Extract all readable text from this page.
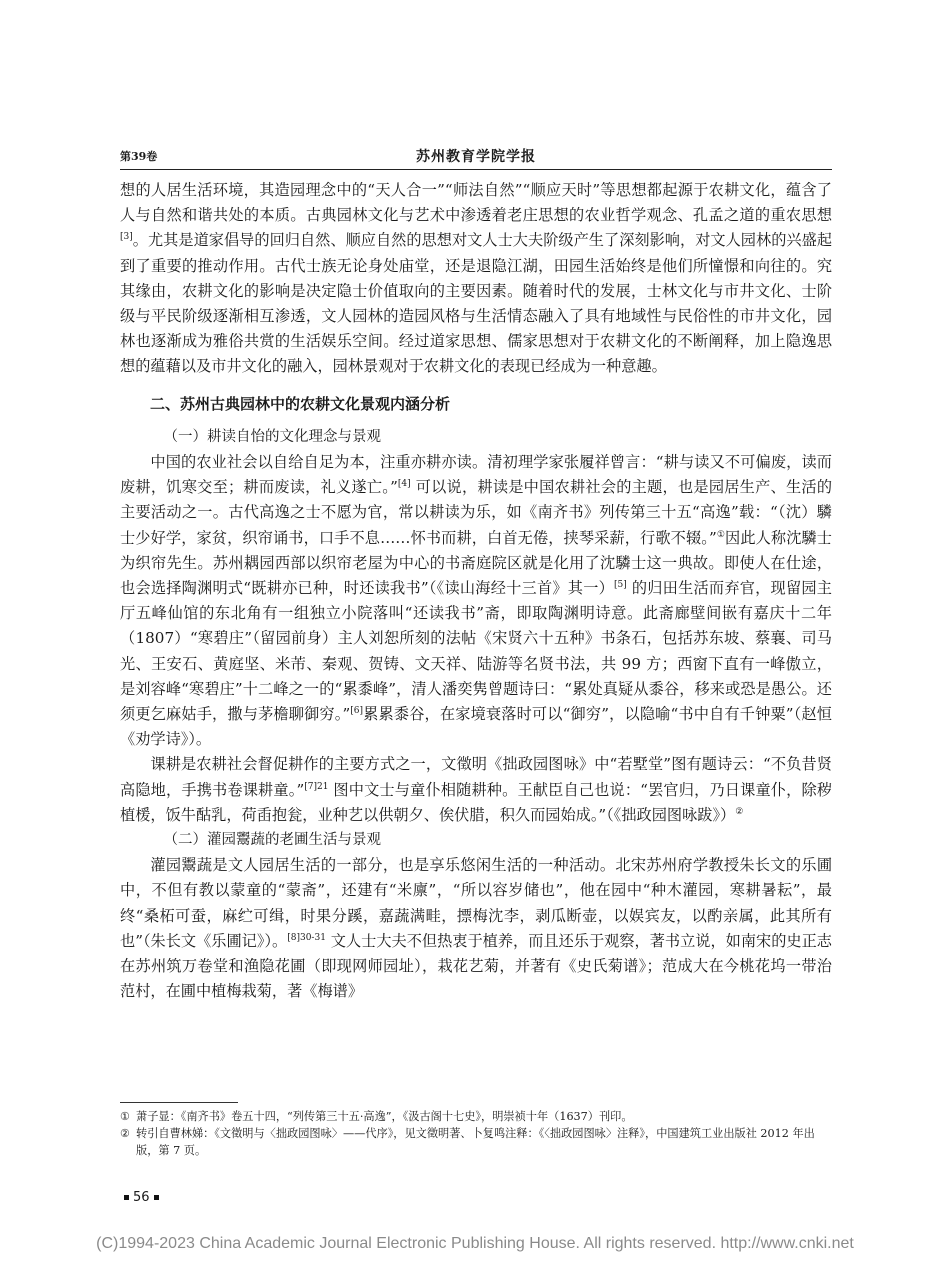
第39卷	苏州教育学院学报

想的人居生活环境，其造园理念中的“天人合一”“师法自然”“顺应天时”等思想都起源于农耕文化，蕴含了人与自然和谐共处的本质。古典园林文化与艺术中渗透着老庄思想的农业哲学观念、孔孟之道的重农思想[3]。尤其是道家倡导的回归自然、顺应自然的思想对文人士大夫阶级产生了深刻影响，对文人园林的兴盛起到了重要的推动作用。古代士族无论身处庙堂，还是退隐江湖，田园生活始终是他们所憧憬和向往的。究其缘由，农耕文化的影响是决定隐士价值取向的主要因素。随着时代的发展，士林文化与市井文化、士阶级与平民阶级逐渐相互渗透，文人园林的造园风格与生活情态融入了具有地域性与民俗性的市井文化，园林也逐渐成为雅俗共赏的生活娱乐空间。经过道家思想、儒家思想对于农耕文化的不断阐释，加上隐逸思想的蕴藉以及市井文化的融入，园林景观对于农耕文化的表现已经成为一种意趣。

二、苏州古典园林中的农耕文化景观内涵分析

（一）耕读自怡的文化理念与景观

中国的农业社会以自给自足为本，注重亦耕亦读。清初理学家张履祥曾言：“耕与读又不可偏废，读而废耕，饥寒交至；耕而废读，礼义遂亡。”[4] 可以说，耕读是中国农耕社会的主题，也是园居生产、生活的主要活动之一。古代高逸之士不愿为官，常以耕读为乐，如《南齐书》列传第三十五“高逸”载：“（沈）驎士少好学，家贫，织帘诵书，口手不息……怀书而耕，白首无倦，挟琴采薪，行歌不辍。”①因此人称沈驎士为织帘先生。苏州耦园西部以织帘老屋为中心的书斋庭院区就是化用了沈驎士这一典故。即使人在仕途，也会选择陶渊明式“既耕亦已种，时还读我书”（《读山海经十三首》其一）[5] 的归田生活而弃官，现留园主厅五峰仙馆的东北角有一组独立小院落叫“还读我书”斋，即取陶渊明诗意。此斋廊壁间嵌有嘉庆十二年（1807）“寒碧庄”（留园前身）主人刘恕所刻的法帖《宋贤六十五种》书条石，包括苏东坡、蔡襄、司马光、王安石、黄庭坚、米芾、秦观、贺铸、文天祥、陆游等名贤书法，共 99 方；西窗下直有一峰傲立，是刘容峰“寒碧庄”十二峰之一的“累黍峰”，清人潘奕隽曾题诗曰：“累处真疑从黍谷，移来或恐是愚公。还须更乞麻姑手，撒与茅檐聊御穷。”[6]累累黍谷，在家境衰落时可以“御穷”，以隐喻“书中自有千钟粟”（赵恒《劝学诗》）。

课耕是农耕社会督促耕作的主要方式之一，文徵明《拙政园图咏》中“若墅堂”图有题诗云：“不负昔贤高隐地，手携书卷课耕童。”$^{[7]21}$ 图中文士与童仆相随耕种。王献臣自己也说：“罢官归，乃日课童仆，除秽植楥，饭牛酤乳，荷臿抱瓮，业种艺以供朝夕、俟伏腊，积久而园始成。”（《拙政园图咏跋》）②

（二）灌园鬻蔬的老圃生活与景观

灌园鬻蔬是文人园居生活的一部分，也是享乐悠闲生活的一种活动。北宋苏州府学教授朱长文的乐圃中，不但有教以蒙童的“蒙斋”，还建有“米廪”，“所以容岁储也”，他在园中“种木灌园，寒耕暑耘”，最终“桑柘可蚕，麻纻可缉，时果分蹊，嘉蔬满畦，摽梅沈李，剥瓜断壶，以娱宾友，以酌亲属，此其所有也”（朱长文《乐圃记》）。$^{[8]30-31}$ 文人士大夫不但热衷于植养，而且还乐于观察，著书立说，如南宋的史正志在苏州筑万卷堂和渔隐花圃（即现网师园址），栽花艺菊，并著有《史氏菊谱》；范成大在今桃花坞一带治范村，在圃中植梅栽菊，著《梅谱》

① 萧子显：《南齐书》卷五十四，“列传第三十五·高逸”，《汲古阁十七史》，明崇祯十年（1637）刊印。
② 转引自曹林娣：《文徵明与〈拙政园图咏〉——代序》，见文徵明著、卜复鸣注释：《〈拙政园图咏〉注释》，中国建筑工业出版社 2012 年出版，第 7 页。
56
(C)1994-2023 China Academic Journal Electronic Publishing House. All rights reserved. http://www.cnki.net
